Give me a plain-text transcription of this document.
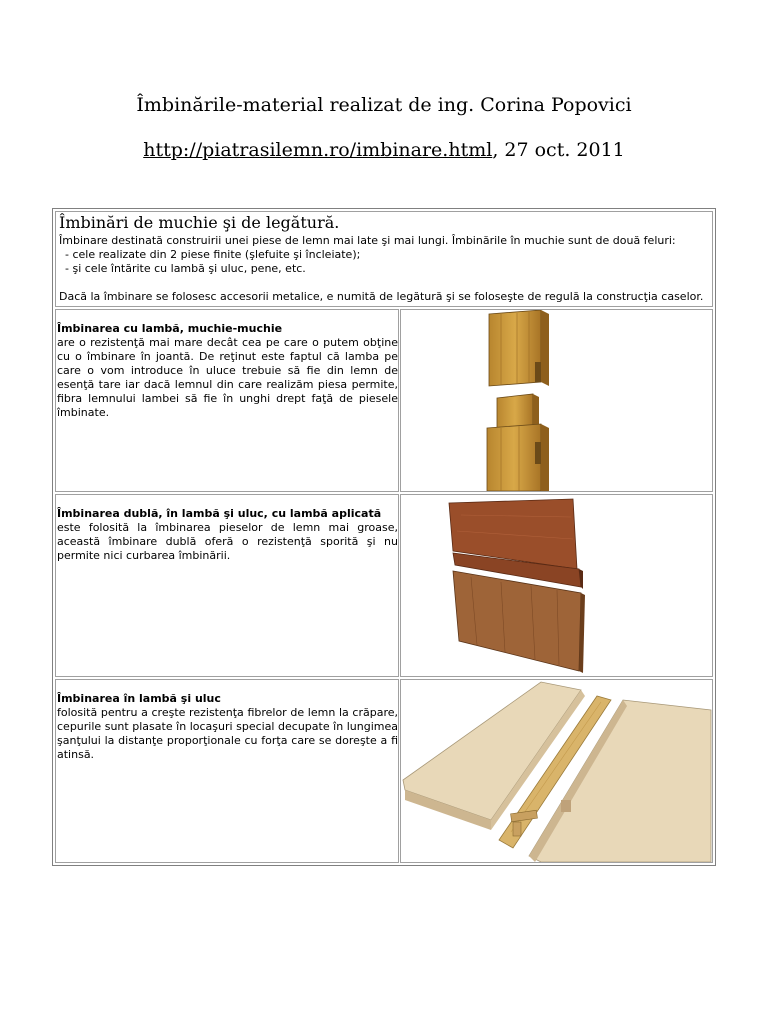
Îmbinările-material realizat de ing. Corina Popovici
http://piatrasilemn.ro/imbinare.html, 27 oct. 2011

Îmbinări de muchie şi de legătură.

Îmbinare destinată construirii unei piese de lemn mai late şi mai lungi. Îmbinările în muchie sunt de două feluri:
- cele realizate din 2 piese finite (şlefuite şi încleiate);
- şi cele întărite cu lambă şi uluc, pene, etc.

Dacă la îmbinare se folosesc accesorii metalice, e numită de legătură şi se foloseşte de regulă la construcţia caselor.

Îmbinarea cu lambă, muchie-muchie

are o rezistenţă mai mare decât cea pe care o putem obţine cu o îmbinare în joantă. De reţinut este faptul că lamba pe care o vom introduce în uluce trebuie să fie din lemn de esenţă tare iar dacă lemnul din care realizăm piesa permite, fibra lemnului lambei să fie în unghi drept faţă de piesele îmbinate.

Îmbinarea dublă, în lambă şi uluc, cu lambă aplicată

este folosită la îmbinarea pieselor de lemn mai groase, această îmbinare dublă oferă o rezistenţă sporită şi nu permite nici curbarea îmbinării.

Îmbinarea în lambă şi uluc

folosită pentru a creşte rezistenţa fibrelor de lemn la crăpare, cepurile sunt plasate în locaşuri special decupate în lungimea şanţului la distanţe proporţionale cu forţa care se doreşte a fi atinsă.
